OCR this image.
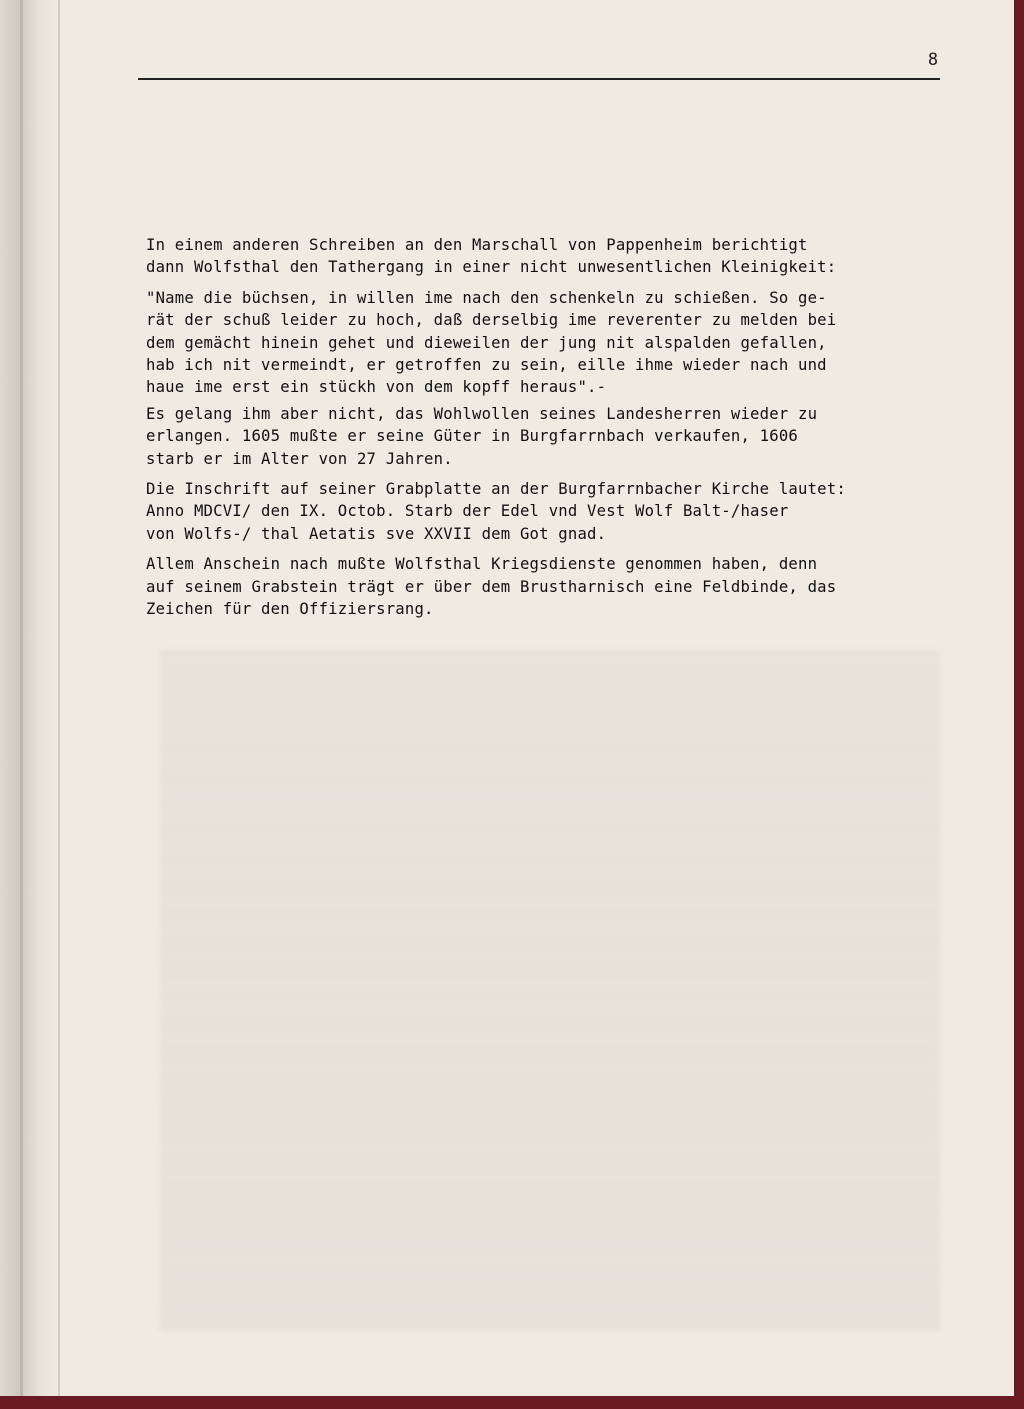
8

In einem anderen Schreiben an den Marschall von Pappenheim berichtigt
dann Wolfsthal den Tathergang in einer nicht unwesentlichen Kleinigkeit:

"Name die büchsen, in willen ime nach den schenkeln zu schießen. So ge-
rät der schuß leider zu hoch, daß derselbig ime reverenter zu melden bei
dem gemächt hinein gehet und dieweilen der jung nit alspalden gefallen,
hab ich nit vermeindt, er getroffen zu sein, eille ihme wieder nach und
haue ime erst ein stückh von dem kopff heraus".-

Es gelang ihm aber nicht, das Wohlwollen seines Landesherren wieder zu
erlangen. 1605 mußte er seine Güter in Burgfarrnbach verkaufen, 1606
starb er im Alter von 27 Jahren.

Die Inschrift auf seiner Grabplatte an der Burgfarrnbacher Kirche lautet:
Anno MDCVI/ den IX. Octob. Starb der Edel vnd Vest Wolf Balt-/haser
von Wolfs-/ thal Aetatis sve XXVII dem Got gnad.

Allem Anschein nach mußte Wolfsthal Kriegsdienste genommen haben, denn
auf seinem Grabstein trägt er über dem Brustharnisch eine Feldbinde, das
Zeichen für den Offiziersrang.
